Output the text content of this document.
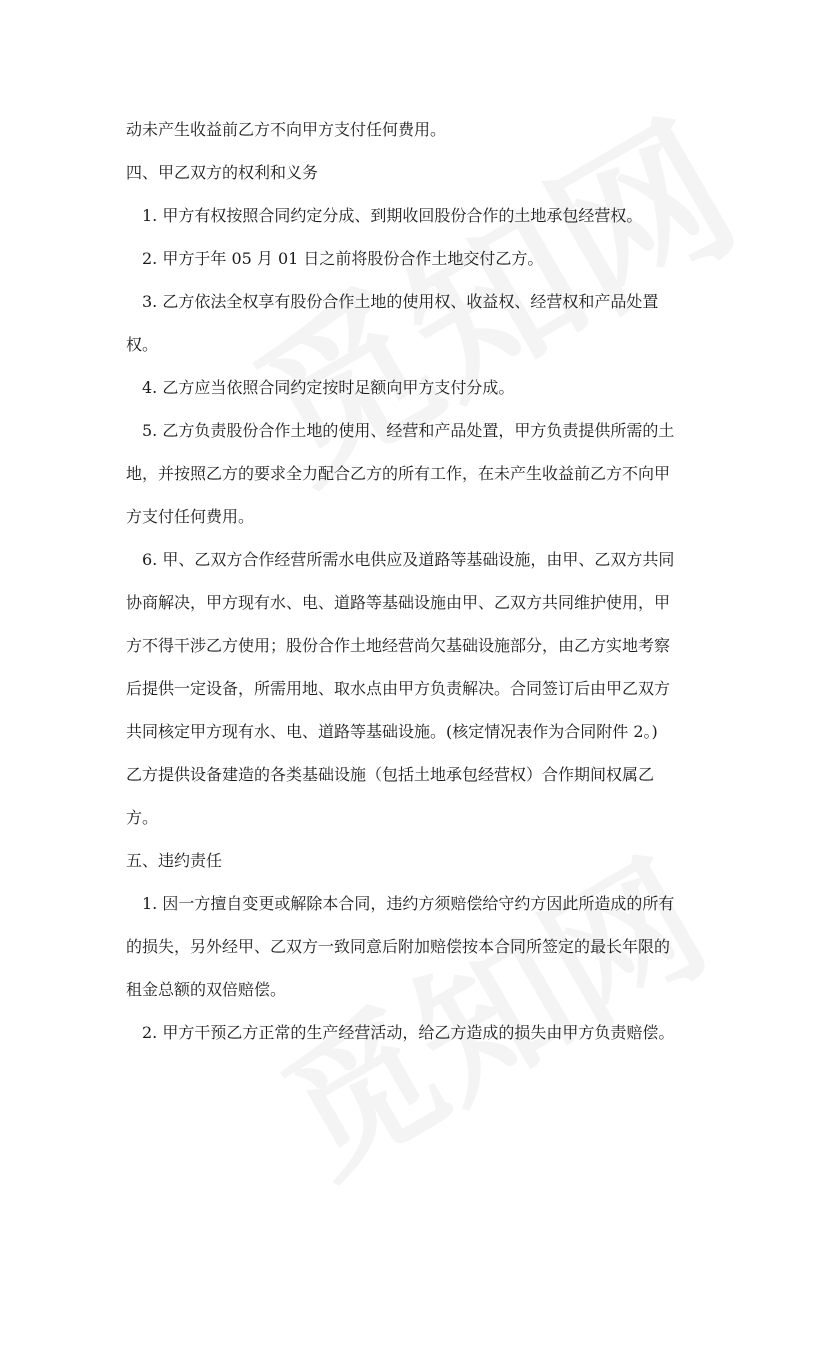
动未产生收益前乙方不向甲方支付任何费用。
四、甲乙双方的权利和义务
1. 甲方有权按照合同约定分成、到期收回股份合作的土地承包经营权。
2. 甲方于年 05 月 01 日之前将股份合作土地交付乙方。
3. 乙方依法全权享有股份合作土地的使用权、收益权、经营权和产品处置
权。
4. 乙方应当依照合同约定按时足额向甲方支付分成。
5. 乙方负责股份合作土地的使用、经营和产品处置，甲方负责提供所需的土
地，并按照乙方的要求全力配合乙方的所有工作，在未产生收益前乙方不向甲
方支付任何费用。
6. 甲、乙双方合作经营所需水电供应及道路等基础设施，由甲、乙双方共同
协商解决，甲方现有水、电、道路等基础设施由甲、乙双方共同维护使用，甲
方不得干涉乙方使用；股份合作土地经营尚欠基础设施部分，由乙方实地考察
后提供一定设备，所需用地、取水点由甲方负责解决。合同签订后由甲乙双方
共同核定甲方现有水、电、道路等基础设施。(核定情况表作为合同附件 2。)
乙方提供设备建造的各类基础设施（包括土地承包经营权）合作期间权属乙
方。
五、违约责任
1. 因一方擅自变更或解除本合同，违约方须赔偿给守约方因此所造成的所有
的损失，另外经甲、乙双方一致同意后附加赔偿按本合同所签定的最长年限的
租金总额的双倍赔偿。
2. 甲方干预乙方正常的生产经营活动，给乙方造成的损失由甲方负责赔偿。
